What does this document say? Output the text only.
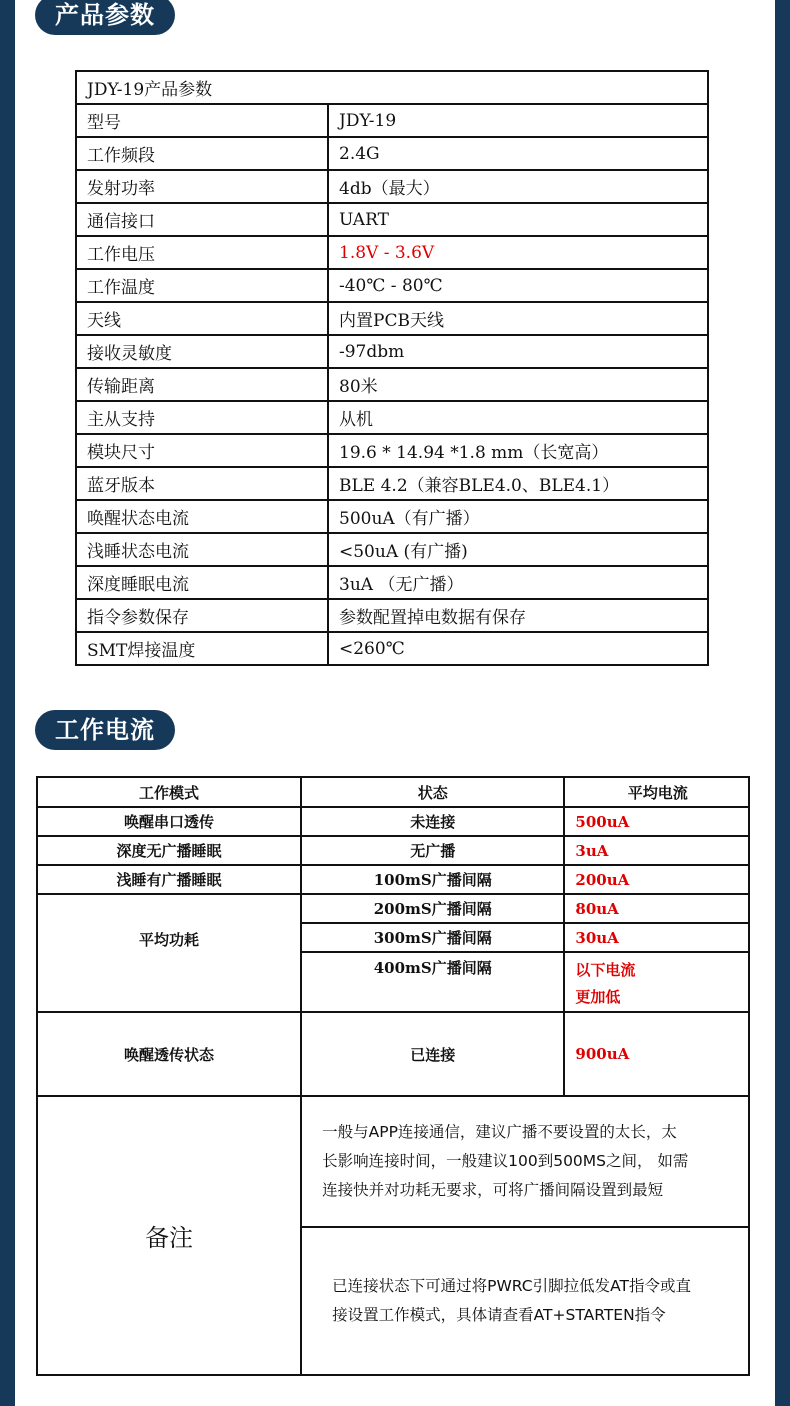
产品参数
JDY-19产品参数	
型号	JDY-19
工作频段	2.4G
发射功率	4db（最大）
通信接口	UART
工作电压	1.8V - 3.6V
工作温度	-40℃ - 80℃
天线	内置PCB天线
接收灵敏度	-97dbm
传输距离	80米
主从支持	从机
模块尺寸	19.6 * 14.94 *1.8 mm（长宽高）
蓝牙版本	BLE 4.2（兼容BLE4.0、BLE4.1）
唤醒状态电流	500uA（有广播）
浅睡状态电流	<50uA (有广播)
深度睡眠电流	3uA （无广播）
指令参数保存	参数配置掉电数据有保存
SMT焊接温度	<260℃
工作电流
工作模式	状态	平均电流
唤醒串口透传	未连接	500uA
深度无广播睡眠	无广播	3uA
浅睡有广播睡眠	100mS广播间隔	200uA
平均功耗	200mS广播间隔	80uA
	300mS广播间隔	30uA
	400mS广播间隔	以下电流
更加低

唤醒透传状态	已连接	900uA
备注	一般与APP连接通信，建议广播不要设置的太长，太
长影响连接时间，一般建议100到500MS之间， 如需
连接快并对功耗无要求，可将广播间隔设置到最短	

	已连接状态下可通过将PWRC引脚拉低发AT指令或直
接设置工作模式，具体请查看AT+STARTEN指令	
